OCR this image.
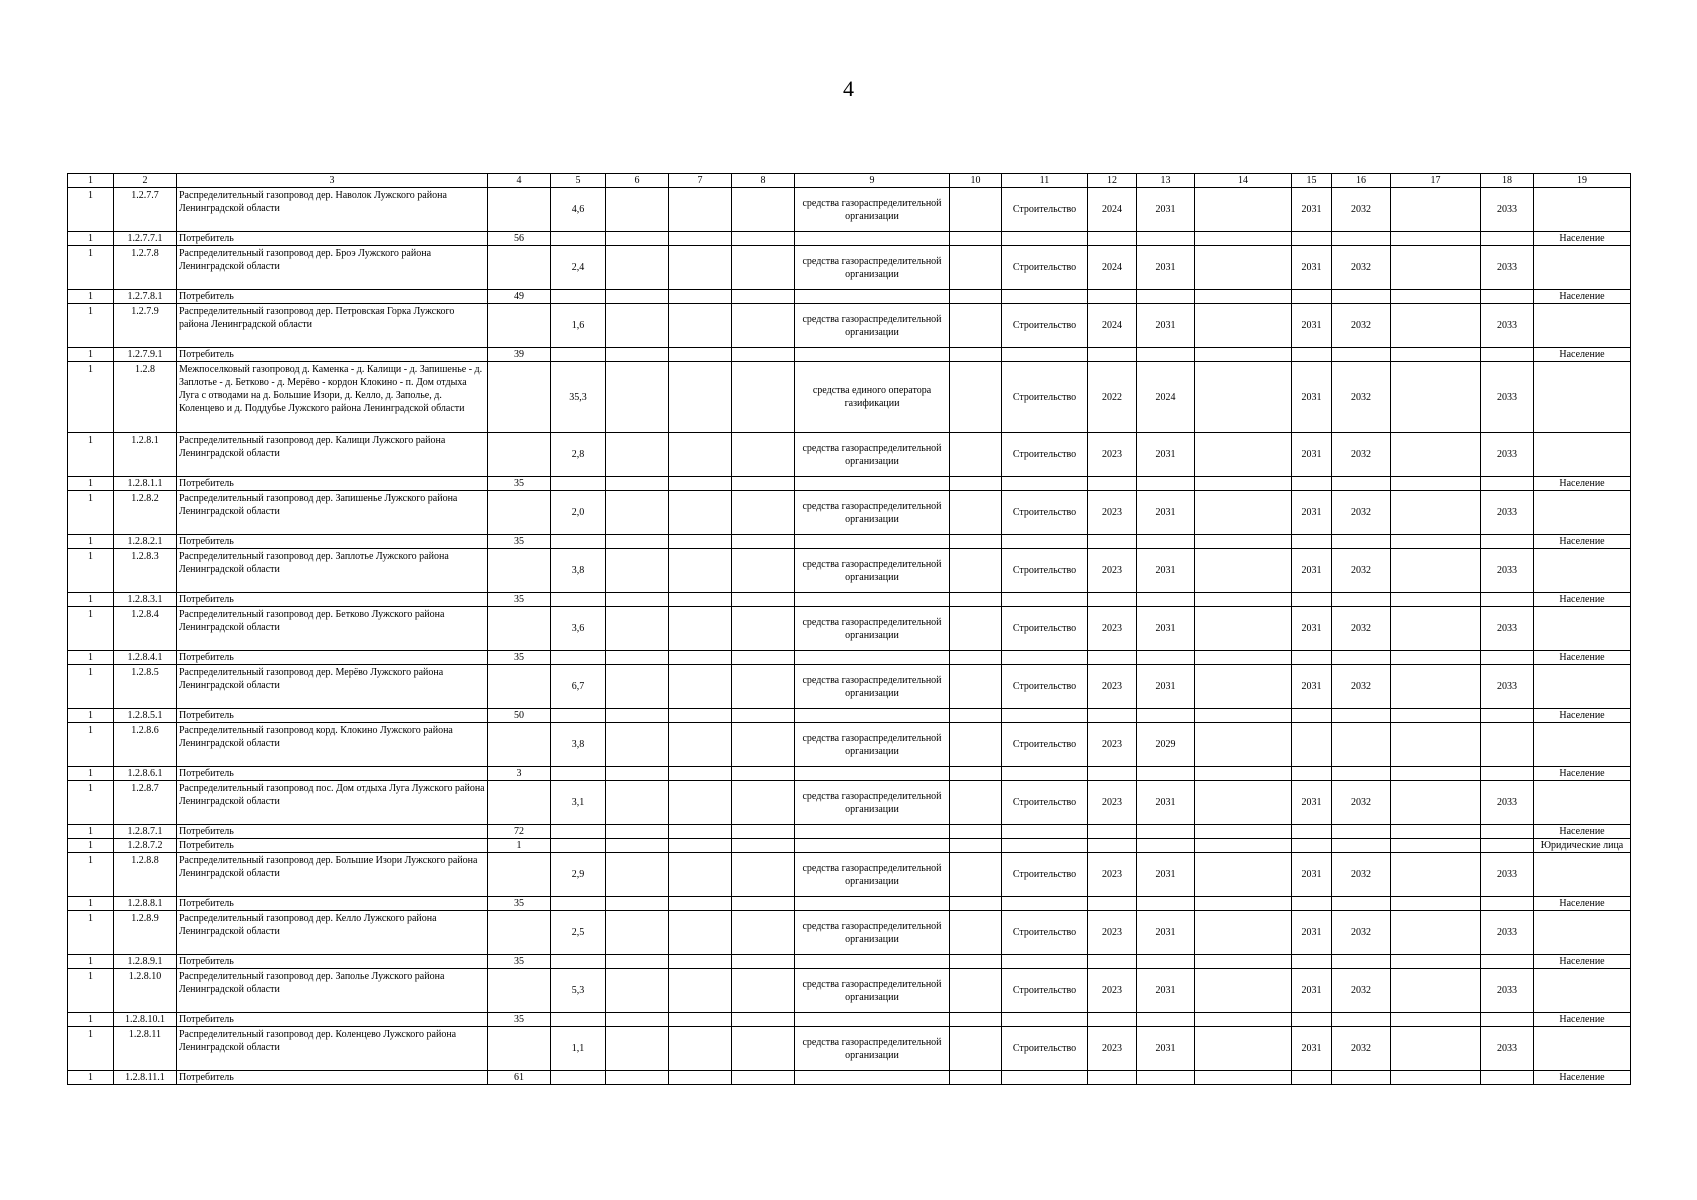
4
1	2	3	4	5	6	7	8	9	10	11	12	13	14	15	16	17	18	19
1	1.2.7.7	Распределительный газопровод дер. Наволок Лужского района Ленинградской области		4,6				средства газораспределительной организации		Строительство	2024	2031		2031	2032		2033	
1	1.2.7.7.1	Потребитель	56															Население
1	1.2.7.8	Распределительный газопровод дер. Броэ Лужского района Ленинградской области		2,4				средства газораспределительной организации		Строительство	2024	2031		2031	2032		2033	
1	1.2.7.8.1	Потребитель	49															Население
1	1.2.7.9	Распределительный газопровод дер. Петровская Горка Лужского района Ленинградской области		1,6				средства газораспределительной организации		Строительство	2024	2031		2031	2032		2033	
1	1.2.7.9.1	Потребитель	39															Население
1	1.2.8	Межпоселковый газопровод д. Каменка - д. Калищи - д. Запишенье - д. Заплотье - д. Бетково - д. Мерёво - кордон Клокино - п. Дом отдыха Луга с отводами на д. Большие Изори, д. Келло, д. Заполье, д. Коленцево и д. Поддубье Лужского района Ленинградской области		35,3				средства единого оператора газификации		Строительство	2022	2024		2031	2032		2033	
1	1.2.8.1	Распределительный газопровод дер. Калищи Лужского района Ленинградской области		2,8				средства газораспределительной организации		Строительство	2023	2031		2031	2032		2033	
1	1.2.8.1.1	Потребитель	35															Население
1	1.2.8.2	Распределительный газопровод дер. Запишенье Лужского района Ленинградской области		2,0				средства газораспределительной организации		Строительство	2023	2031		2031	2032		2033	
1	1.2.8.2.1	Потребитель	35															Население
1	1.2.8.3	Распределительный газопровод дер. Заплотье Лужского района Ленинградской области		3,8				средства газораспределительной организации		Строительство	2023	2031		2031	2032		2033	
1	1.2.8.3.1	Потребитель	35															Население
1	1.2.8.4	Распределительный газопровод дер. Бетково Лужского района Ленинградской области		3,6				средства газораспределительной организации		Строительство	2023	2031		2031	2032		2033	
1	1.2.8.4.1	Потребитель	35															Население
1	1.2.8.5	Распределительный газопровод дер. Мерёво Лужского района Ленинградской области		6,7				средства газораспределительной организации		Строительство	2023	2031		2031	2032		2033	
1	1.2.8.5.1	Потребитель	50															Население
1	1.2.8.6	Распределительный газопровод корд. Клокино Лужского района Ленинградской области		3,8				средства газораспределительной организации		Строительство	2023	2029						
1	1.2.8.6.1	Потребитель	3															Население
1	1.2.8.7	Распределительный газопровод пос. Дом отдыха Луга Лужского района Ленинградской области		3,1				средства газораспределительной организации		Строительство	2023	2031		2031	2032		2033	
1	1.2.8.7.1	Потребитель	72															Население
1	1.2.8.7.2	Потребитель	1															Юридические лица
1	1.2.8.8	Распределительный газопровод дер. Большие Изори Лужского района Ленинградской области		2,9				средства газораспределительной организации		Строительство	2023	2031		2031	2032		2033	
1	1.2.8.8.1	Потребитель	35															Население
1	1.2.8.9	Распределительный газопровод дер. Келло Лужского района Ленинградской области		2,5				средства газораспределительной организации		Строительство	2023	2031		2031	2032		2033	
1	1.2.8.9.1	Потребитель	35															Население
1	1.2.8.10	Распределительный газопровод дер. Заполье Лужского района Ленинградской области		5,3				средства газораспределительной организации		Строительство	2023	2031		2031	2032		2033	
1	1.2.8.10.1	Потребитель	35															Население
1	1.2.8.11	Распределительный газопровод дер. Коленцево Лужского района Ленинградской области		1,1				средства газораспределительной организации		Строительство	2023	2031		2031	2032		2033	
1	1.2.8.11.1	Потребитель	61															Население
